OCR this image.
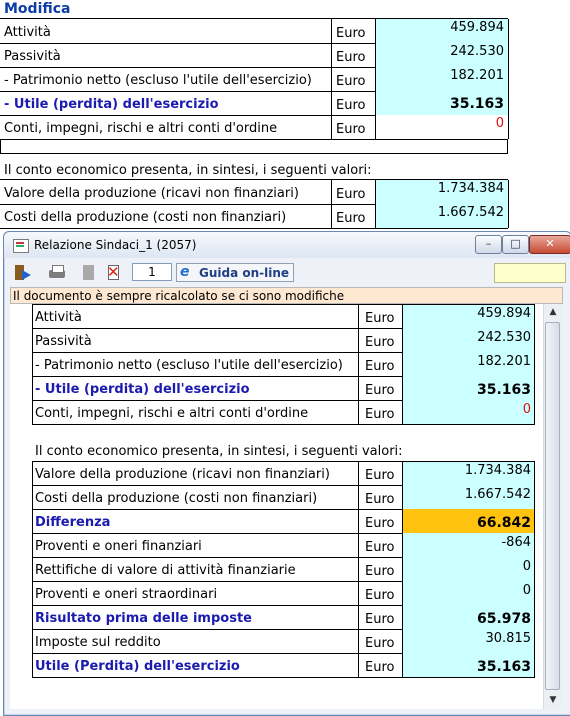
Modifica
Attività	Euro	459.894
Passività	Euro	242.530
- Patrimonio netto (escluso l'utile dell'esercizio) Euro	182.201
- Utile (perdita) dell'esercizio	Euro	35.163
Conti, impegni, rischi e altri conti d'ordine	Euro	0
Il conto economico presenta, in sintesi, i seguenti valori:
Valore della produzione (ricavi non finanziari)	Euro	1.734.384
Costi della produzione (costi non finanziari)	Euro	1.667.542
Relazione Sindaci_1 (2057)	–	□	✕
✕
1	e Guida on-line
Il documento è sempre ricalcolato se ci sono modifiche
Attività	Euro	459.894
Passività	Euro	242.530
- Patrimonio netto (escluso l'utile dell'esercizio) Euro	182.201
- Utile (perdita) dell'esercizio	Euro	35.163
Conti, impegni, rischi e altri conti d'ordine	Euro	0
Il conto economico presenta, in sintesi, i seguenti valori:
Valore della produzione (ricavi non finanziari)	Euro	1.734.384
Costi della produzione (costi non finanziari)	Euro	1.667.542
Differenza	Euro	66.842
Proventi e oneri finanziari	Euro	-864
Rettifiche di valore di attività finanziarie	Euro	0
Proventi e oneri straordinari	Euro	0
Risultato prima delle imposte	Euro	65.978
Imposte sul reddito	Euro	30.815
Utile (Perdita) dell'esercizio	Euro	35.163
▲
▼
